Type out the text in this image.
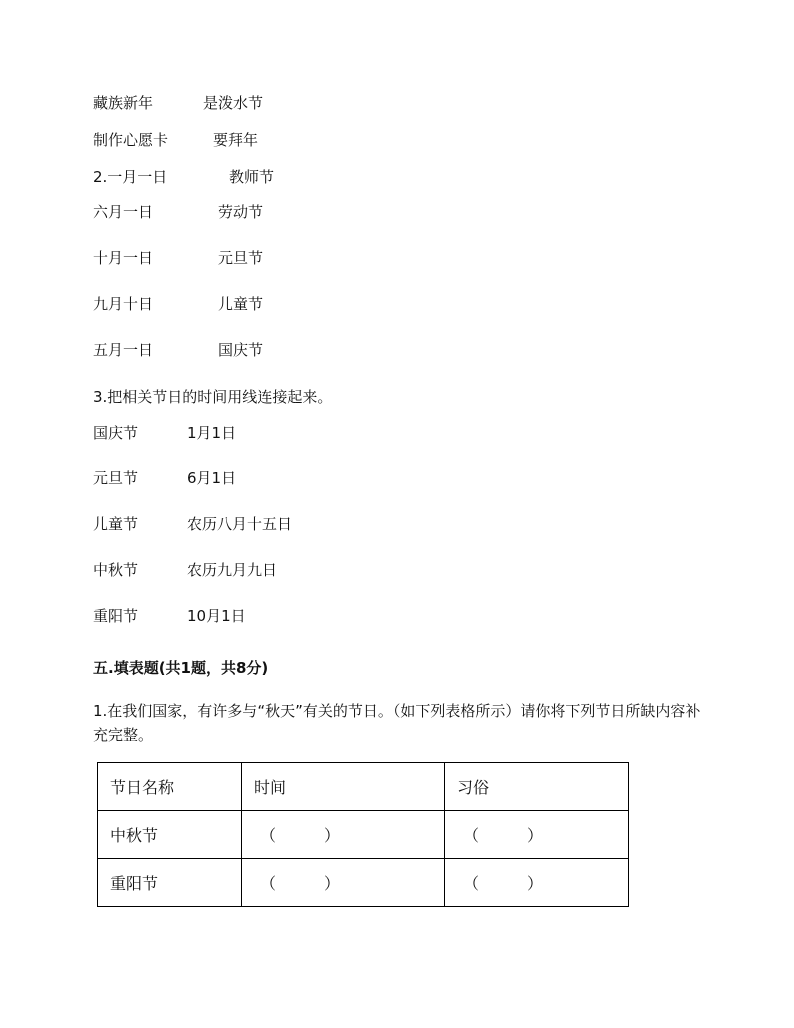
藏族新年	是泼水节
制作心愿卡	要拜年
2.一月一日	教师节
六月一日	劳动节
十月一日	元旦节
九月十日	儿童节
五月一日	国庆节
3.把相关节日的时间用线连接起来。
国庆节	1月1日
元旦节	6月1日
儿童节	农历八月十五日
中秋节	农历九月九日
重阳节	10月1日
五.填表题(共1题，共8分)
1.在我们国家，有许多与“秋天”有关的节日。（如下列表格所示）请你将下列节日所缺内容补充完整。
节日名称	时间	习俗
中秋节	（　　　）	（　　　）
重阳节	（　　　）	（　　　）
